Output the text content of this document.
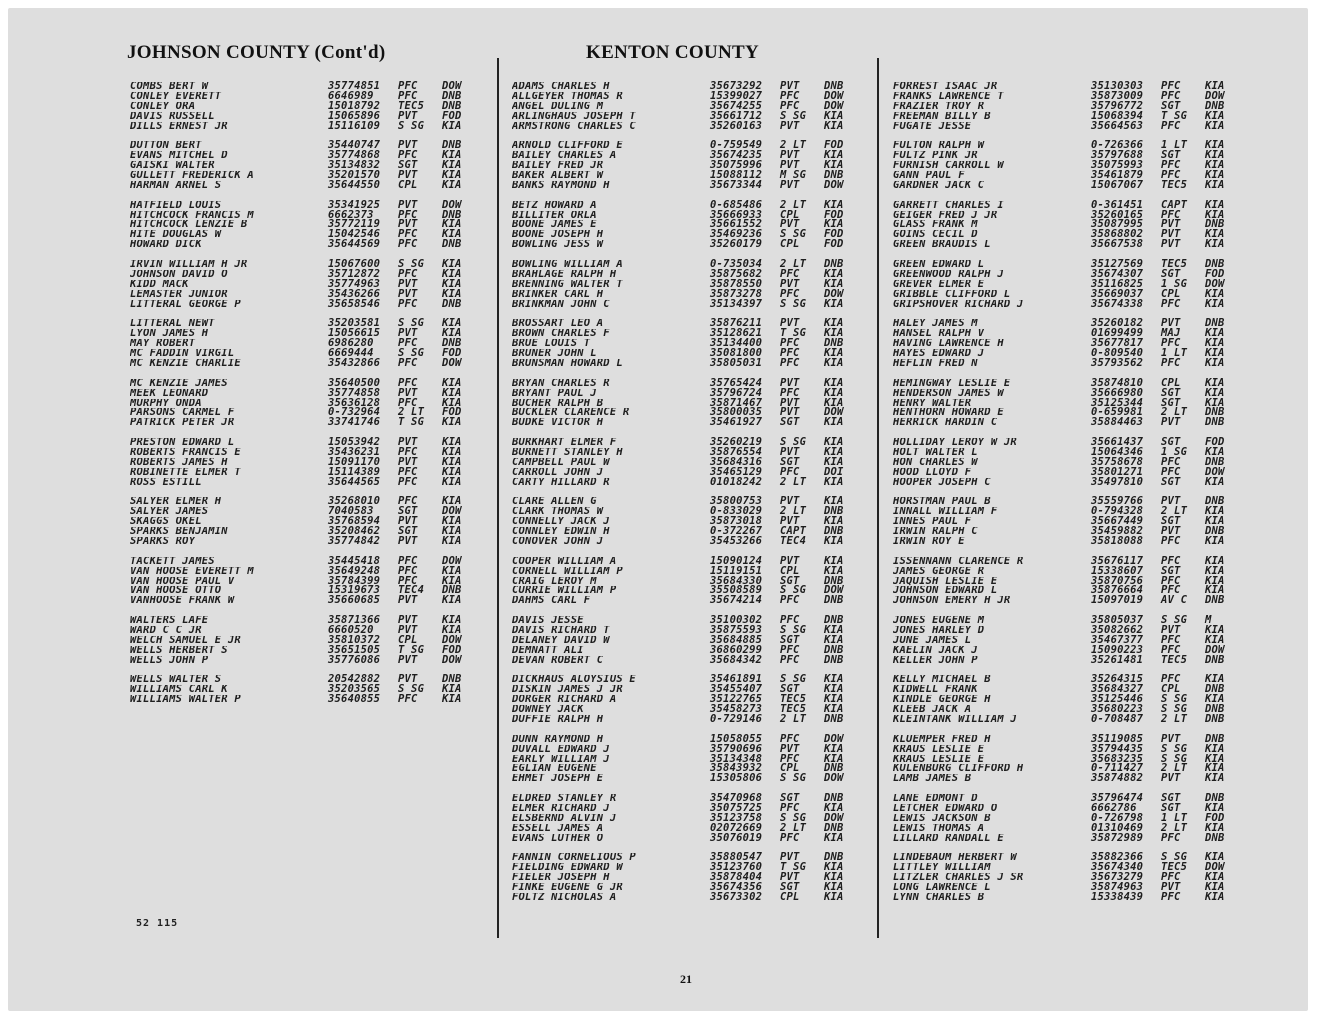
JOHNSON COUNTY (Cont'd)	KENTON COUNTY
COMBS BERT W	35774851	PFC	DOW
CONLEY EVERETT	6646989	PFC	DNB
CONLEY ORA	15018792	TEC5	DNB
DAVIS RUSSELL	15065896	PVT	FOD
DILLS ERNEST JR	15116109	S SG	KIA
DUTTON BERT	35440747	PVT	DNB
EVANS MITCHEL D	35774868	PFC	KIA
GAISKI WALTER	35134832	SGT	KIA
GULLETT FREDERICK A	35201570	PVT	KIA
HARMAN ARNEL S	35644550	CPL	KIA
HATFIELD LOUIS	35341925	PVT	DOW
HITCHCOCK FRANCIS M	6662373	PFC	DNB
HITCHCOCK LENZIE B	35772119	PVT	KIA
HITE DOUGLAS W	15042546	PFC	KIA
HOWARD DICK	35644569	PFC	DNB
IRVIN WILLIAM H JR	15067600	S SG	KIA
JOHNSON DAVID O	35712872	PFC	KIA
KIDD MACK	35774963	PVT	KIA
LEMASTER JUNIOR	35436266	PVT	KIA
LITTERAL GEORGE P	35658546	PFC	DNB
LITTERAL NEWT	35203581	S SG	KIA
LYON JAMES H	15056615	PVT	KIA
MAY ROBERT	6986280	PFC	DNB
MC FADDIN VIRGIL	6669444	S SG	FOD
MC KENZIE CHARLIE	35432866	PFC	DOW
MC KENZIE JAMES	35640500	PFC	KIA
MEEK LEONARD	35774858	PVT	KIA
MURPHY ONDA	35636128	PFC	KIA
PARSONS CARMEL F	0-732964	2 LT	FOD
PATRICK PETER JR	33741746	T SG	KIA
PRESTON EDWARD L	15053942	PVT	KIA
ROBERTS FRANCIS E	35436231	PFC	KIA
ROBERTS JAMES H	15091170	PVT	KIA
ROBINETTE ELMER T	15114389	PFC	KIA
ROSS ESTILL	35644565	PFC	KIA
SALYER ELMER H	35268010	PFC	KIA
SALYER JAMES	7040583	SGT	DOW
SKAGGS OKEL	35768594	PVT	KIA
SPARKS BENJAMIN	35208462	SGT	KIA
SPARKS ROY	35774842	PVT	KIA
TACKETT JAMES	35445418	PFC	DOW
VAN HOOSE EVERETT M	35649248	PFC	KIA
VAN HOOSE PAUL V	35784399	PFC	KIA
VAN HOOSE OTTO	15319673	TEC4	DNB
VANHOOSE FRANK W	35660685	PVT	KIA
WALTERS LAFE	35871366	PVT	KIA
WARD C C JR	6660520	PVT	KIA
WELCH SAMUEL E JR	35810372	CPL	DOW
WELLS HERBERT S	35651505	T SG	FOD
WELLS JOHN P	35776086	PVT	DOW
WELLS WALTER S	20542882	PVT	DNB
WILLIAMS CARL K	35203565	S SG	KIA
WILLIAMS WALTER P	35640855	PFC	KIA
ADAMS CHARLES H	35673292	PVT	DNB
ALLGEYER THOMAS R	15399027	PFC	DOW
ANGEL DULING M	35674255	PFC	DOW
ARLINGHAUS JOSEPH T	35661712	S SG	KIA
ARMSTRONG CHARLES C	35260163	PVT	KIA
ARNOLD CLIFFORD E	0-759549	2 LT	FOD
BAILEY CHARLES A	35674235	PVT	KIA
BAILEY FRED JR	35075996	PVT	KIA
BAKER ALBERT W	15088112	M SG	DNB
BANKS RAYMOND H	35673344	PVT	DOW
BETZ HOWARD A	0-685486	2 LT	KIA
BILLITER ORLA	35666933	CPL	FOD
BOONE JAMES E	35661552	PVT	KIA
BOONE JOSEPH H	35469236	S SG	FOD
BOWLING JESS W	35260179	CPL	FOD
BOWLING WILLIAM A	0-735034	2 LT	DNB
BRAHLAGE RALPH H	35875682	PFC	KIA
BRENNING WALTER T	35878550	PVT	KIA
BRINKER CARL H	35873278	PFC	DOW
BRINKMAN JOHN C	35134397	S SG	KIA
BROSSART LEO A	35876211	PVT	KIA
BROWN CHARLES F	35128621	T SG	KIA
BRUE LOUIS T	35134400	PFC	DNB
BRUNER JOHN L	35081800	PFC	KIA
BRUNSMAN HOWARD L	35805031	PFC	KIA
BRYAN CHARLES R	35765424	PVT	KIA
BRYANT PAUL J	35796724	PFC	KIA
BUCHER RALPH B	35871467	PVT	KIA
BUCKLER CLARENCE R	35800035	PVT	DOW
BUDKE VICTOR H	35461927	SGT	KIA
BURKHART ELMER F	35260219	S SG	KIA
BURNETT STANLEY H	35876554	PVT	KIA
CAMPBELL PAUL W	35684316	SGT	KIA
CARROLL JOHN J	35465129	PFC	DOI
CARTY HILLARD R	01018242	2 LT	KIA
CLARE ALLEN G	35800753	PVT	KIA
CLARK THOMAS W	0-833029	2 LT	DNB
CONNELLY JACK J	35873018	PVT	KIA
CONNLEY EDWIN H	0-372267	CAPT	DNB
CONOVER JOHN J	35453266	TEC4	KIA
COOPER WILLIAM A	15090124	PVT	KIA
CORNELL WILLIAM P	15119151	CPL	KIA
CRAIG LEROY M	35684330	SGT	DNB
CURRIE WILLIAM P	35508589	S SG	DOW
DAHMS CARL F	35674214	PFC	DNB
DAVIS JESSE	35100302	PFC	DNB
DAVIS RICHARD T	35875593	S SG	KIA
DELANEY DAVID W	35684885	SGT	KIA
DEMNATT ALI	36860299	PFC	DNB
DEVAN ROBERT C	35684342	PFC	DNB
DICKHAUS ALOYSIUS E	35461891	S SG	KIA
DISKIN JAMES J JR	35455407	SGT	KIA
DORGER RICHARD A	35122765	TEC5	KIA
DOWNEY JACK	35458273	TEC5	KIA
DUFFIE RALPH H	0-729146	2 LT	DNB
DUNN RAYMOND H	15058055	PFC	DOW
DUVALL EDWARD J	35790696	PVT	KIA
EARLY WILLIAM J	35134348	PFC	KIA
EGLIAN EUGENE	35843932	CPL	DNB
EHMET JOSEPH E	15305806	S SG	DOW
ELDRED STANLEY R	35470968	SGT	DNB
ELMER RICHARD J	35075725	PFC	KIA
ELSBERND ALVIN J	35123758	S SG	DOW
ESSELL JAMES A	02072669	2 LT	DNB
EVANS LUTHER O	35076019	PFC	KIA
FANNIN CORNELIOUS P	35880547	PVT	DNB
FIELDING EDWARD W	35123760	T SG	KIA
FIELER JOSEPH H	35878404	PVT	KIA
FINKE EUGENE G JR	35674356	SGT	KIA
FOLTZ NICHOLAS A	35673302	CPL	KIA
FORREST ISAAC JR	35130303	PFC	KIA
FRANKS LAWRENCE T	35873009	PFC	DOW
FRAZIER TROY R	35796772	SGT	DNB
FREEMAN BILLY B	15068394	T SG	KIA
FUGATE JESSE	35664563	PFC	KIA
FULTON RALPH W	0-726366	1 LT	KIA
FULTZ PINK JR	35797688	SGT	KIA
FURNISH CARROLL W	35075993	PFC	KIA
GANN PAUL F	35461879	PFC	KIA
GARDNER JACK C	15067067	TEC5	KIA
GARRETT CHARLES I	0-361451	CAPT	KIA
GEIGER FRED J JR	35260165	PFC	KIA
GLASS FRANK M	35087995	PVT	DNB
GOINS CECIL D	35868802	PVT	KIA
GREEN BRAUDIS L	35667538	PVT	KIA
GREEN EDWARD L	35127569	TEC5	DNB
GREENWOOD RALPH J	35674307	SGT	FOD
GREVER ELMER E	35116825	1 SG	DOW
GRIBBLE CLIFFORD L	35669037	CPL	KIA
GRIPSHOVER RICHARD J	35674338	PFC	KIA
HALEY JAMES M	35260182	PVT	DNB
HANSEL RALPH V	01699499	MAJ	KIA
HAVING LAWRENCE H	35677817	PFC	KIA
HAYES EDWARD J	0-809540	1 LT	KIA
HEFLIN FRED N	35793562	PFC	KIA
HEMINGWAY LESLIE E	35874810	CPL	KIA
HENDERSON JAMES W	35666980	SGT	KIA
HENRY WALTER	35125344	SGT	KIA
HENTHORN HOWARD E	0-659981	2 LT	DNB
HERRICK HARDIN C	35884463	PVT	DNB
HOLLIDAY LEROY W JR	35661437	SGT	FOD
HOLT WALTER L	15064346	1 SG	KIA
HON CHARLES W	35758678	PFC	DNB
HOOD LLOYD F	35801271	PFC	DOW
HOOPER JOSEPH C	35497810	SGT	KIA
HORSTMAN PAUL B	35559766	PVT	DNB
INNALL WILLIAM F	0-794328	2 LT	KIA
INNES PAUL F	35667449	SGT	KIA
IRWIN RALPH C	35459882	PVT	DNB
IRWIN ROY E	35818088	PFC	KIA
ISSENNANN CLARENCE R	35676117	PFC	KIA
JAMES GEORGE R	15338607	SGT	KIA
JAQUISH LESLIE E	35870756	PFC	KIA
JOHNSON EDWARD L	35876664	PFC	KIA
JOHNSON EMERY H JR	15097019	AV C	DNB
JONES EUGENE M	35805037	S SG	M
JONES HARLEY D	35082662	PVT	KIA
JUNE JAMES L	35467377	PFC	KIA
KAELIN JACK J	15090223	PFC	DOW
KELLER JOHN P	35261481	TEC5	DNB
KELLY MICHAEL B	35264315	PFC	KIA
KIDWELL FRANK	35684327	CPL	DNB
KINDLE GEORGE H	35125446	S SG	KIA
KLEEB JACK A	35680223	S SG	DNB
KLEINTANK WILLIAM J	0-708487	2 LT	DNB
KLUEMPER FRED H	35119085	PVT	DNB
KRAUS LESLIE E	35794435	S SG	KIA
KRAUS LESLIE E	35683235	S SG	KIA
KULENBURG CLIFFORD H	0-711427	2 LT	KIA
LAMB JAMES B	35874882	PVT	KIA
LANE EDMONT D	35796474	SGT	DNB
LETCHER EDWARD O	6662786	SGT	KIA
LEWIS JACKSON B	0-726798	1 LT	FOD
LEWIS THOMAS A	01310469	2 LT	KIA
LILLARD RANDALL E	35872989	PFC	DNB
LINDEBAUM HERBERT W	35882366	S SG	KIA
LITTLEY WILLIAM	35674340	TEC5	DOW
LITZLER CHARLES J SR	35673279	PFC	KIA
LONG LAWRENCE L	35874963	PVT	KIA
LYNN CHARLES B	15338439	PFC	KIA
52 115
21
